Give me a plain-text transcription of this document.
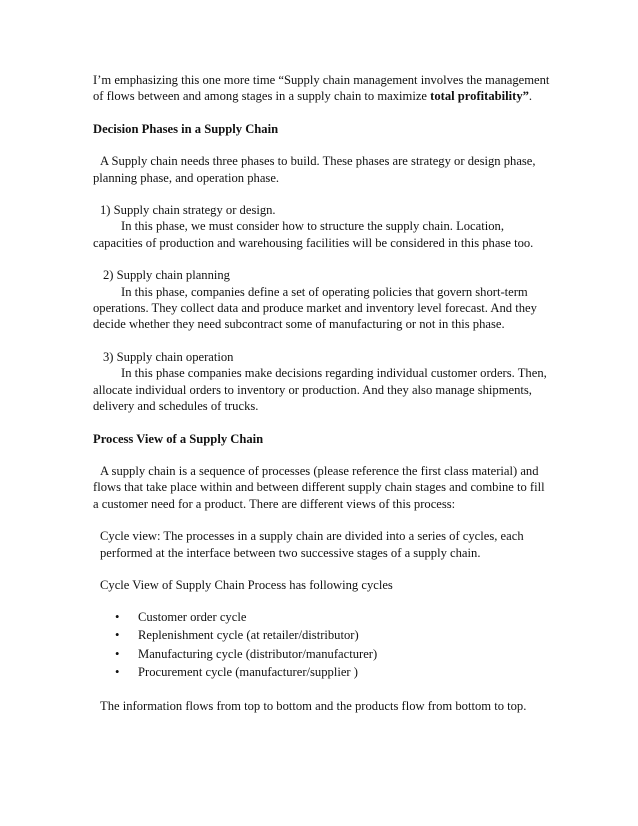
I’m emphasizing this one more time “Supply chain management involves the management of flows between and among stages in a supply chain to maximize total profitability”.

Decision Phases in a Supply Chain

A Supply chain needs three phases to build. These phases are strategy or design phase, planning phase, and operation phase.

1) Supply chain strategy or design.

In this phase, we must consider how to structure the supply chain. Location, capacities of production and warehousing facilities will be considered in this phase too.

2) Supply chain planning

In this phase, companies define a set of operating policies that govern short-term operations. They collect data and produce market and inventory level forecast. And they decide whether they need subcontract some of manufacturing or not in this phase.

3) Supply chain operation

In this phase companies make decisions regarding individual customer orders. Then, allocate individual orders to inventory or production. And they also manage shipments, delivery and schedules of trucks.

Process View of a Supply Chain

A supply chain is a sequence of processes (please reference the first class material) and flows that take place within and between different supply chain stages and combine to fill a customer need for a product. There are different views of this process:

Cycle view: The processes in a supply chain are divided into a series of cycles, each performed at the interface between two successive stages of a supply chain.

Cycle View of Supply Chain Process has following cycles

• Customer order cycle
• Replenishment cycle (at retailer/distributor)
• Manufacturing cycle (distributor/manufacturer)
• Procurement cycle (manufacturer/supplier )

The information flows from top to bottom and the products flow from bottom to top.
